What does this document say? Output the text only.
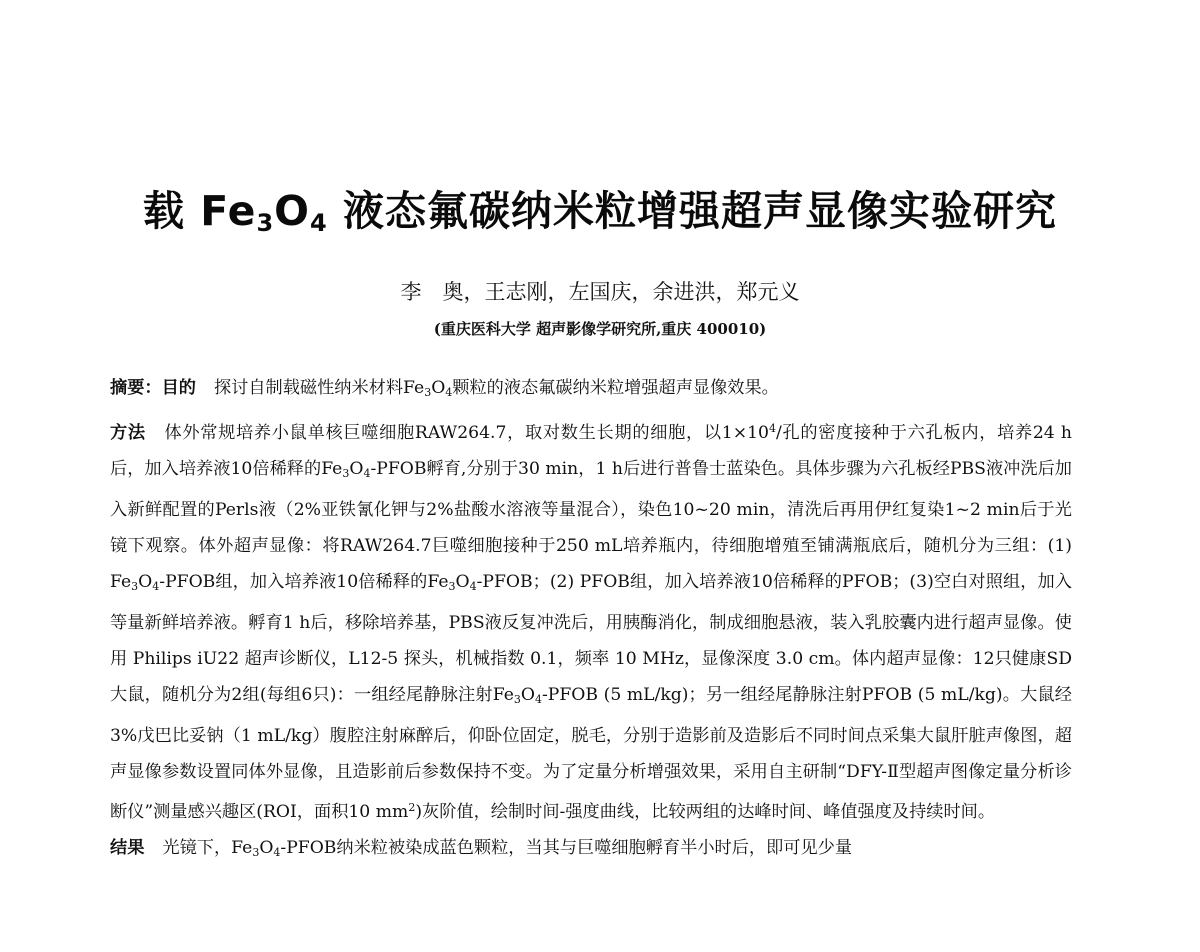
载 $Fe_3O_4$ 液态氟碳纳米粒增强超声显像实验研究
李　奥，王志刚，左国庆，余进洪，郑元义
(重庆医科大学 超声影像学研究所,重庆 400010)

摘要：目的 探讨自制载磁性纳米材料$Fe_3O_4$颗粒的液态氟碳纳米粒增强超声显像效果。

方法 体外常规培养小鼠单核巨噬细胞RAW264.7，取对数生长期的细胞，以$1\times 10^4/$孔的密度接种于六孔板内，培养24 h后，加入培养液10倍稀释的$Fe_3O_4$-PFOB孵育,分别于30 min，1 h后进行普鲁士蓝染色。具体步骤为六孔板经PBS液冲洗后加入新鲜配置的Perls液（2%亚铁氰化钾与2%盐酸水溶液等量混合），染色10~20 min，清洗后再用伊红复染1~2 min后于光镜下观察。体外超声显像：将RAW264.7巨噬细胞接种于250 mL培养瓶内，待细胞增殖至铺满瓶底后，随机分为三组：(1) $Fe_3O_4$-PFOB组，加入培养液10倍稀释的$Fe_3O_4$-PFOB；(2) PFOB组，加入培养液10倍稀释的PFOB；(3)空白对照组，加入等量新鲜培养液。孵育1 h后，移除培养基，PBS液反复冲洗后，用胰酶消化，制成细胞悬液，装入乳胶囊内进行超声显像。使用 Philips iU22 超声诊断仪，L12-5 探头，机械指数 0.1，频率 10 MHz，显像深度 3.0 cm。体内超声显像：12只健康SD大鼠，随机分为2组(每组6只)：一组经尾静脉注射$Fe_3O_4$-PFOB (5 mL/kg)；另一组经尾静脉注射PFOB (5 mL/kg)。大鼠经3%戊巴比妥钠（1 mL/kg）腹腔注射麻醉后，仰卧位固定，脱毛，分别于造影前及造影后不同时间点采集大鼠肝脏声像图，超声显像参数设置同体外显像，且造影前后参数保持不变。为了定量分析增强效果，采用自主研制“DFY-Ⅱ型超声图像定量分析诊断仪”测量感兴趣区(ROI，面积10 $mm^2$)灰阶值，绘制时间-强度曲线，比较两组的达峰时间、峰值强度及持续时间。

结果 光镜下，$Fe_3O_4$-PFOB纳米粒被染成蓝色颗粒，当其与巨噬细胞孵育半小时后，即可见少量
